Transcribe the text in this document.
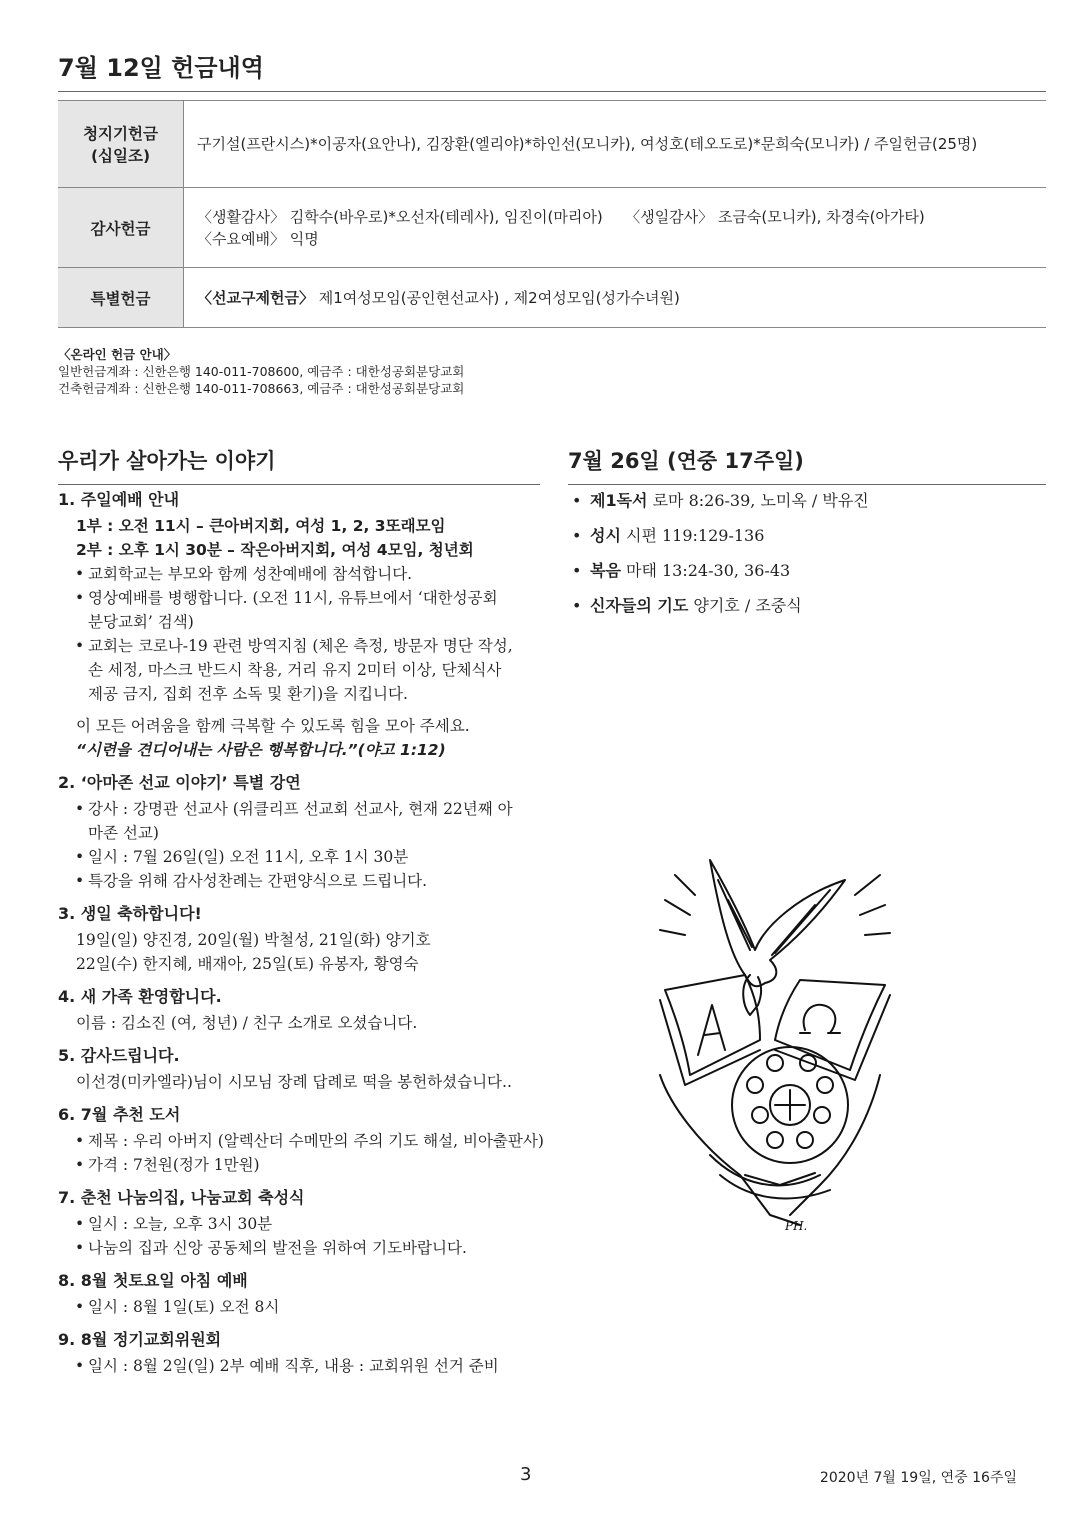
7월 12일 헌금내역
청지기헌금
(십일조)	구기설(프란시스)*이공자(요안나), 김장환(엘리야)*하인선(모니카), 여성호(테오도로)*문희숙(모니카) / 주일헌금(25명)

감사헌금	〈생활감사〉 김학수(바우로)*오선자(테레사), 임진이(마리아)　　〈생일감사〉 조금숙(모니카), 차경숙(아가타)
〈수요예배〉 익명

특별헌금	〈선교구제헌금〉 제1여성모임(공인현선교사) , 제2여성모임(성가수녀원)
〈온라인 헌금 안내〉
일반헌금계좌 : 신한은행 140-011-708600, 예금주 : 대한성공회분당교회
건축헌금계좌 : 신한은행 140-011-708663, 예금주 : 대한성공회분당교회
우리가 살아가는 이야기	7월 26일 (연중 17주일)
1. 주일예배 안내
1부 : 오전 11시 – 큰아버지회, 여성 1, 2, 3또래모임
2부 : 오후 1시 30분 – 작은아버지회, 여성 4모임, 청년회
• 교회학교는 부모와 함께 성찬예배에 참석합니다.
• 영상예배를 병행합니다. (오전 11시, 유튜브에서 ‘대한성공회
분당교회’ 검색)
• 교회는 코로나-19 관련 방역지침 (체온 측정, 방문자 명단 작성,
손 세정, 마스크 반드시 착용, 거리 유지 2미터 이상, 단체식사
제공 금지, 집회 전후 소독 및 환기)을 지킵니다.
이 모든 어려움을 함께 극복할 수 있도록 힘을 모아 주세요.
“시련을 견디어내는 사람은 행복합니다.”(야고 1:12)
2. ‘아마존 선교 이야기’ 특별 강연
• 강사 : 강명관 선교사 (위클리프 선교회 선교사, 현재 22년째 아
마존 선교)
• 일시 : 7월 26일(일) 오전 11시, 오후 1시 30분
• 특강을 위해 감사성찬례는 간편양식으로 드립니다.
3. 생일 축하합니다!
19일(일) 양진경, 20일(월) 박철성, 21일(화) 양기호
22일(수) 한지혜, 배재아, 25일(토) 유봉자, 황영숙
4. 새 가족 환영합니다.
이름 : 김소진 (여, 청년) / 친구 소개로 오셨습니다.
5. 감사드립니다.
이선경(미카엘라)님이 시모님 장례 답례로 떡을 봉헌하셨습니다..
6. 7월 추천 도서
• 제목 : 우리 아버지 (알렉산더 수메만의 주의 기도 해설, 비아출판사)
• 가격 : 7천원(정가 1만원)
7. 춘천 나눔의집, 나눔교회 축성식
• 일시 : 오늘, 오후 3시 30분
• 나눔의 집과 신앙 공동체의 발전을 위하여 기도바랍니다.
8. 8월 첫토요일 아침 예배
• 일시 : 8월 1일(토) 오전 8시
9. 8월 정기교회위원회
• 일시 : 8월 2일(일) 2부 예배 직후, 내용 : 교회위원 선거 준비
• 제1독서 로마 8:26-39, 노미옥 / 박유진
• 성시 시편 119:129-136
• 복음 마태 13:24-30, 36-43
• 신자들의 기도 양기호 / 조중식
PH.
3	2020년 7월 19일, 연중 16주일
